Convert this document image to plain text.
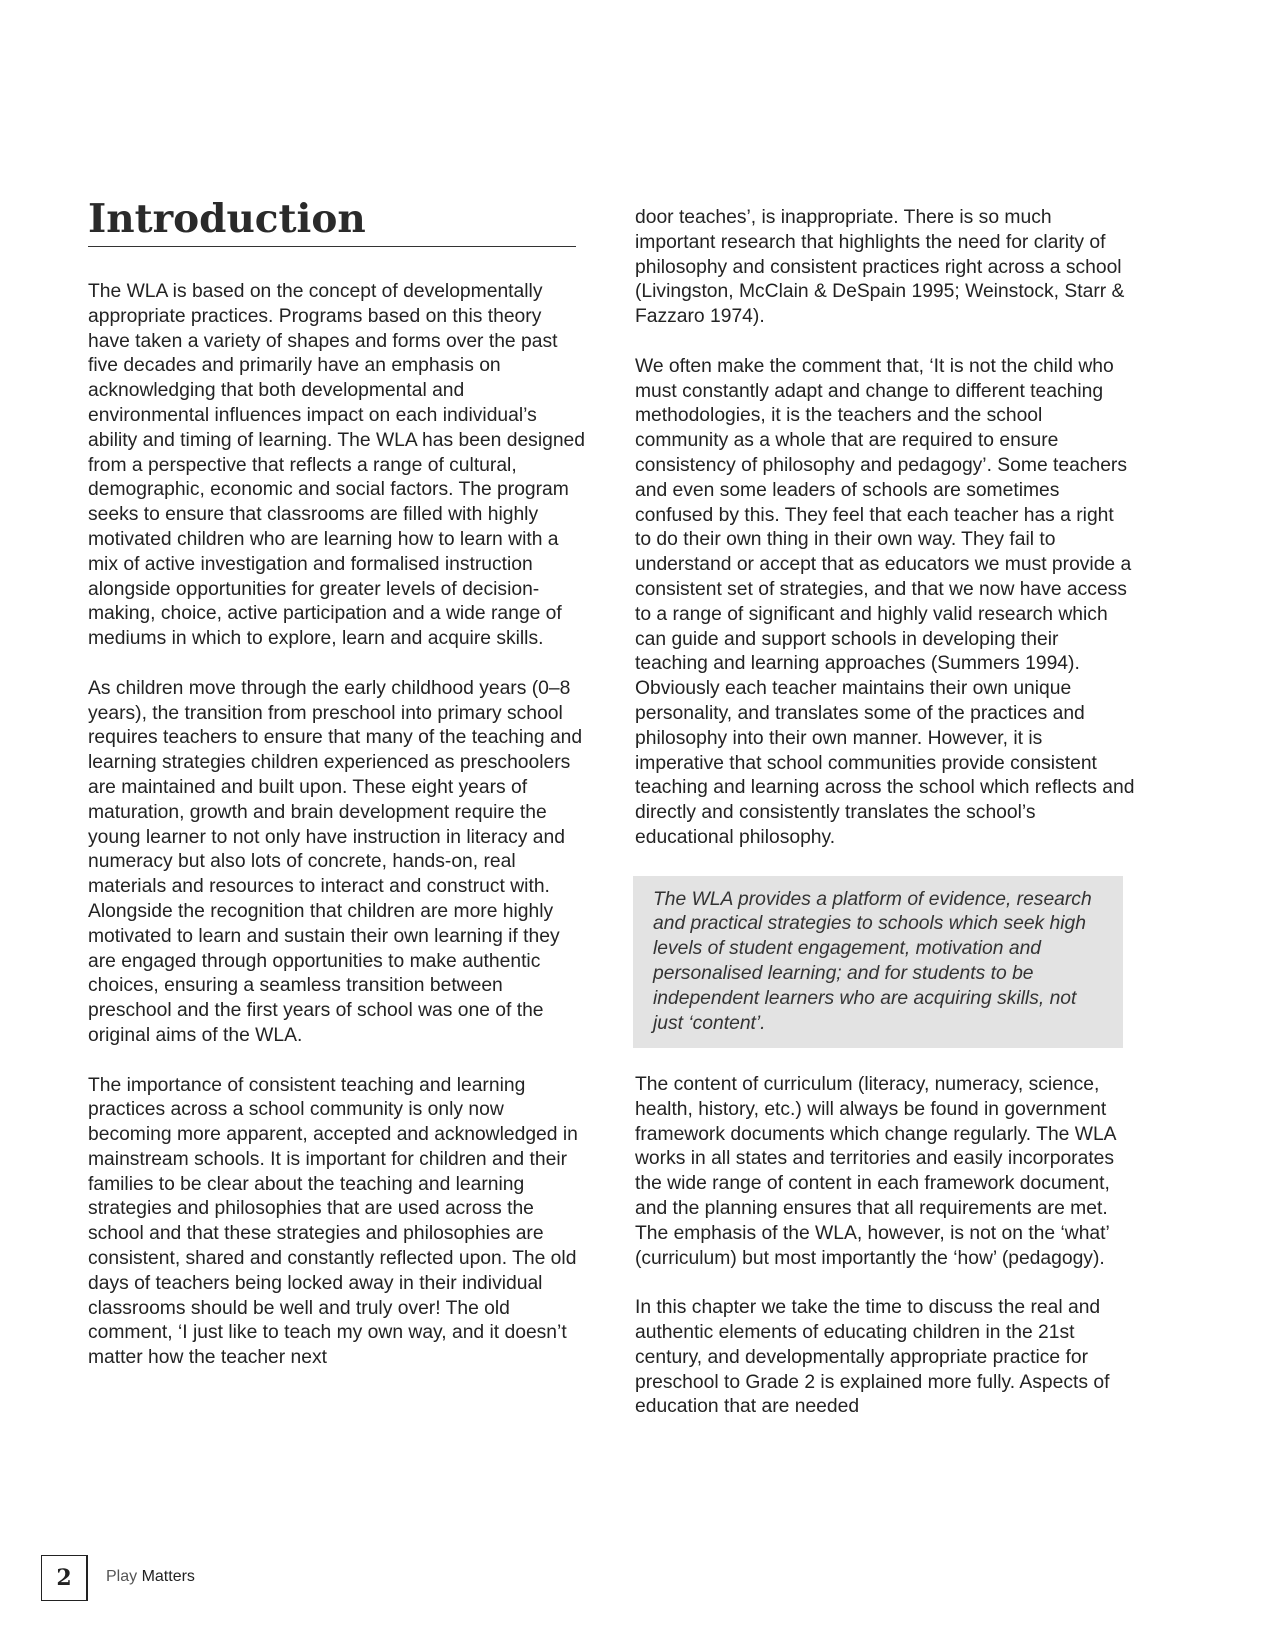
Introduction

The WLA is based on the concept of developmentally appropriate practices. Programs based on this theory have taken a variety of shapes and forms over the past five decades and primarily have an emphasis on acknowledging that both developmental and environmental influences impact on each individual’s ability and timing of learning. The WLA has been designed from a perspective that reflects a range of cultural, demographic, economic and social factors. The program seeks to ensure that classrooms are filled with highly motivated children who are learning how to learn with a mix of active investigation and formalised instruction alongside opportunities for greater levels of decision-making, choice, active participation and a wide range of mediums in which to explore, learn and acquire skills.

As children move through the early childhood years (0–8 years), the transition from preschool into primary school requires teachers to ensure that many of the teaching and learning strategies children experienced as preschoolers are maintained and built upon. These eight years of maturation, growth and brain development require the young learner to not only have instruction in literacy and numeracy but also lots of concrete, hands-on, real materials and resources to interact and construct with. Alongside the recognition that children are more highly motivated to learn and sustain their own learning if they are engaged through opportunities to make authentic choices, ensuring a seamless transition between preschool and the first years of school was one of the original aims of the WLA.

The importance of consistent teaching and learning practices across a school community is only now becoming more apparent, accepted and acknowledged in mainstream schools. It is important for children and their families to be clear about the teaching and learning strategies and philosophies that are used across the school and that these strategies and philosophies are consistent, shared and constantly reflected upon. The old days of teachers being locked away in their individual classrooms should be well and truly over! The old comment, ‘I just like to teach my own way, and it doesn’t matter how the teacher next

door teaches’, is inappropriate. There is so much important research that highlights the need for clarity of philosophy and consistent practices right across a school (Livingston, McClain & DeSpain 1995; Weinstock, Starr & Fazzaro 1974).

We often make the comment that, ‘It is not the child who must constantly adapt and change to different teaching methodologies, it is the teachers and the school community as a whole that are required to ensure consistency of philosophy and pedagogy’. Some teachers and even some leaders of schools are sometimes confused by this. They feel that each teacher has a right to do their own thing in their own way. They fail to understand or accept that as educators we must provide a consistent set of strategies, and that we now have access to a range of significant and highly valid research which can guide and support schools in developing their teaching and learning approaches (Summers 1994). Obviously each teacher maintains their own unique personality, and translates some of the practices and philosophy into their own manner. However, it is imperative that school communities provide consistent teaching and learning across the school which reflects and directly and consistently translates the school’s educational philosophy.

The WLA provides a platform of evidence, research and practical strategies to schools which seek high levels of student engagement, motivation and personalised learning; and for students to be independent learners who are acquiring skills, not just ‘content’.

The content of curriculum (literacy, numeracy, science, health, history, etc.) will always be found in government framework documents which change regularly. The WLA works in all states and territories and easily incorporates the wide range of content in each framework document, and the planning ensures that all requirements are met. The emphasis of the WLA, however, is not on the ‘what’ (curriculum) but most importantly the ‘how’ (pedagogy).

In this chapter we take the time to discuss the real and authentic elements of educating children in the 21st century, and developmentally appropriate practice for preschool to Grade 2 is explained more fully. Aspects of education that are needed

2	Play Matters
